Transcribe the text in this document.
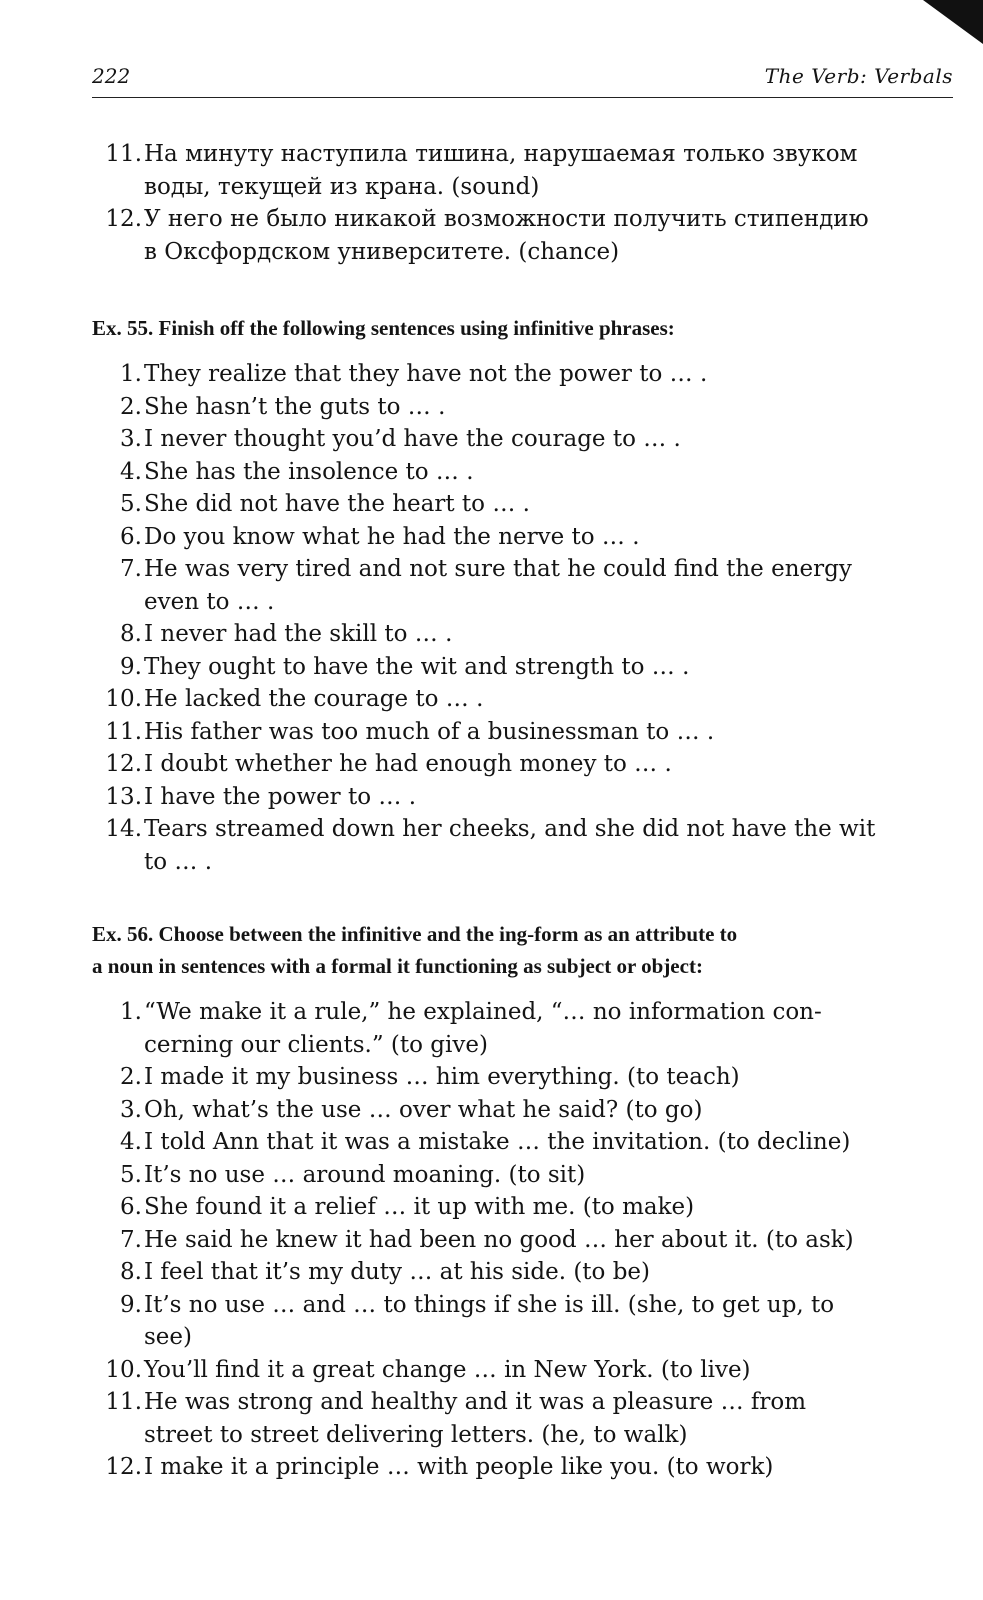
222	The Verb: Verbals
11. На минуту наступила тишина, нарушаемая только звуком
воды, текущей из крана. (sound)
12. У него не было никакой возможности получить стипендию
в Оксфордском университете. (chance)
Ex. 55. Finish off the following sentences using infinitive phrases:
1. They realize that they have not the power to … .
2. She hasn’t the guts to … .
3. I never thought you’d have the courage to … .
4. She has the insolence to … .
5. She did not have the heart to … .
6. Do you know what he had the nerve to … .
7. He was very tired and not sure that he could find the energy
even to … .
8. I never had the skill to … .
9. They ought to have the wit and strength to … .
10. He lacked the courage to … .
11. His father was too much of a businessman to … .
12. I doubt whether he had enough money to … .
13. I have the power to … .
14. Tears streamed down her cheeks, and she did not have the wit
to … .
Ex. 56. Choose between the infinitive and the ing-form as an attribute to
a noun in sentences with a formal it functioning as subject or object:
1. “We make it a rule,” he explained, “… no information con-
cerning our clients.” (to give)
2. I made it my business … him everything. (to teach)
3. Oh, what’s the use … over what he said? (to go)
4. I told Ann that it was a mistake … the invitation. (to decline)
5. It’s no use … around moaning. (to sit)
6. She found it a relief … it up with me. (to make)
7. He said he knew it had been no good … her about it. (to ask)
8. I feel that it’s my duty … at his side. (to be)
9. It’s no use … and … to things if she is ill. (she, to get up, to
see)
10. You’ll find it a great change … in New York. (to live)
11. He was strong and healthy and it was a pleasure … from
street to street delivering letters. (he, to walk)
12. I make it a principle … with people like you. (to work)
